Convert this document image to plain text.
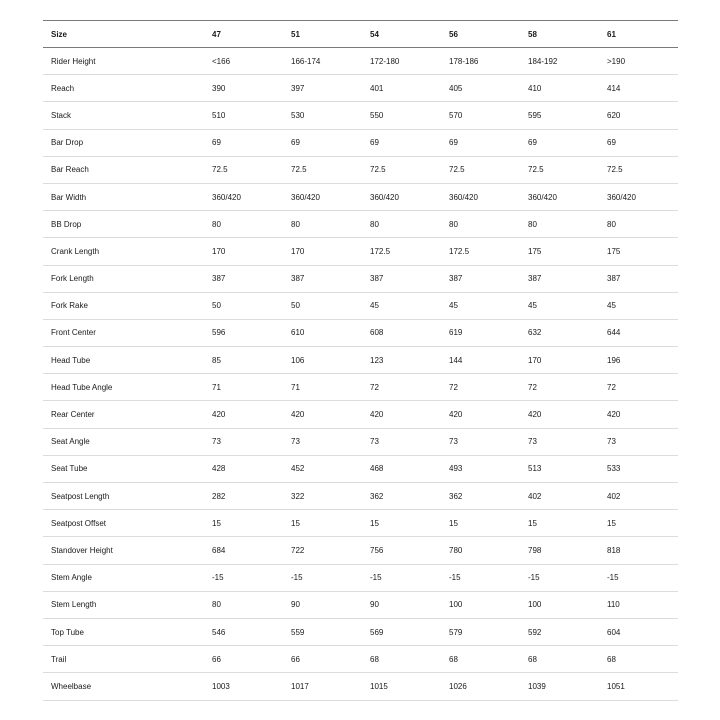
Size	47	51	54	56	58	61
Rider Height	<166	166-174	172-180	178-186	184-192	>190
Reach	390	397	401	405	410	414
Stack	510	530	550	570	595	620
Bar Drop	69	69	69	69	69	69
Bar Reach	72.5	72.5	72.5	72.5	72.5	72.5
Bar Width	360/420	360/420	360/420	360/420	360/420	360/420
BB Drop	80	80	80	80	80	80
Crank Length	170	170	172.5	172.5	175	175
Fork Length	387	387	387	387	387	387
Fork Rake	50	50	45	45	45	45
Front Center	596	610	608	619	632	644
Head Tube	85	106	123	144	170	196
Head Tube Angle	71	71	72	72	72	72
Rear Center	420	420	420	420	420	420
Seat Angle	73	73	73	73	73	73
Seat Tube	428	452	468	493	513	533
Seatpost Length	282	322	362	362	402	402
Seatpost Offset	15	15	15	15	15	15
Standover Height	684	722	756	780	798	818
Stem Angle	-15	-15	-15	-15	-15	-15
Stem Length	80	90	90	100	100	110
Top Tube	546	559	569	579	592	604
Trail	66	66	68	68	68	68
Wheelbase	1003	1017	1015	1026	1039	1051
